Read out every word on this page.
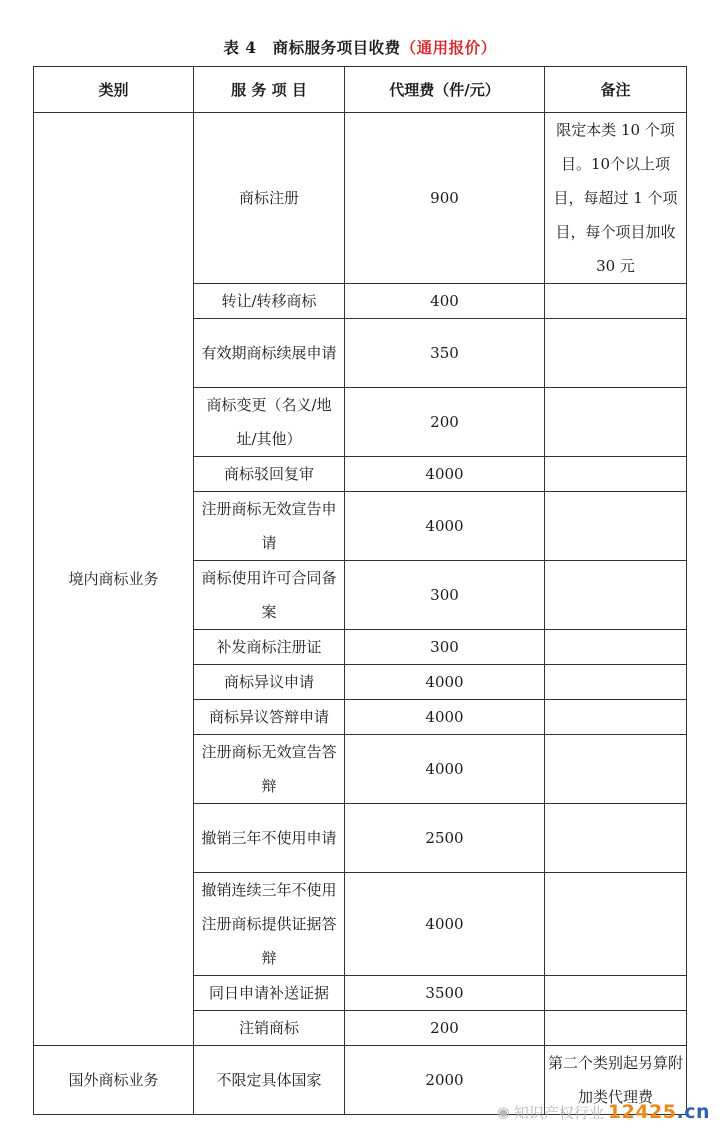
表 4　商标服务项目收费（通用报价）
类别	服 务 项 目	代理费（件/元）	备注
境内商标业务	商标注册	900	限定本类 10 个项目。10个以上项目，每超过 1 个项目，每个项目加收 30 元
	转让/转移商标	400	
	有效期商标续展申请	350	
	商标变更（名义/地址/其他）	200	
	商标驳回复审	4000	
	注册商标无效宣告申请	4000	
	商标使用许可合同备案	300	
	补发商标注册证	300	
	商标异议申请	4000	
	商标异议答辩申请	4000	
	注册商标无效宣告答辩	4000	
	撤销三年不使用申请	2500	
	撤销连续三年不使用注册商标提供证据答辩	4000	
	同日申请补送证据	3500	
	注销商标	200	
国外商标业务	不限定具体国家	2000	第二个类别起另算附加类代理费
◉ 知识产权行业 12425.cn
